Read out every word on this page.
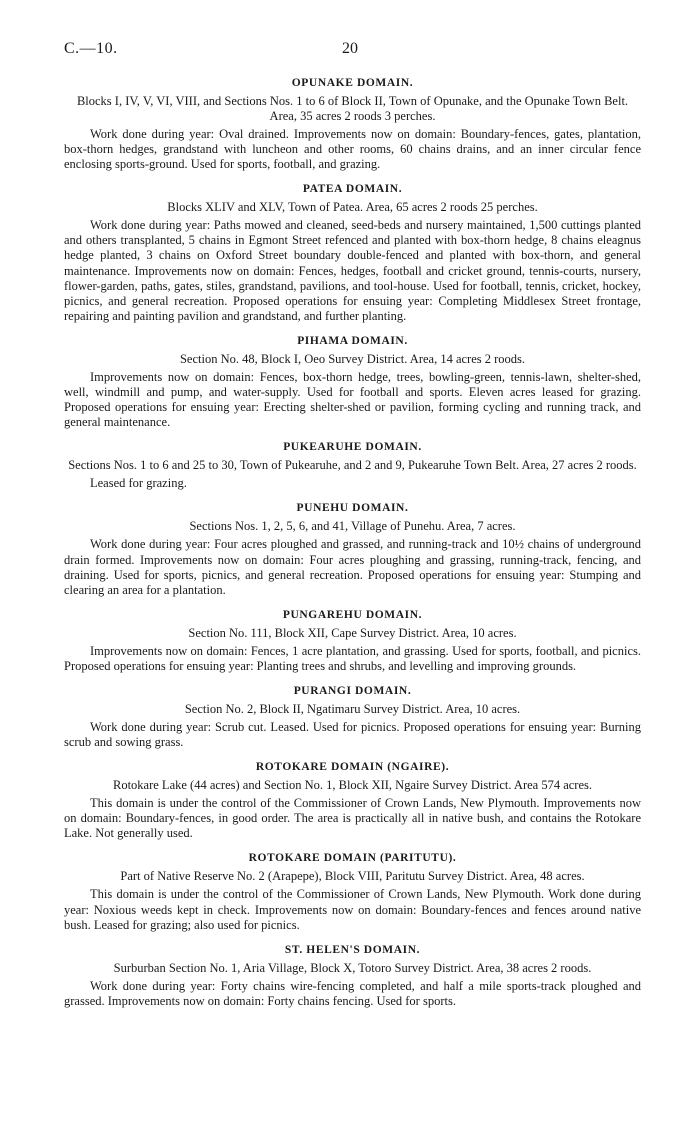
C.—10.	20
OPUNAKE DOMAIN.

Blocks I, IV, V, VI, VIII, and Sections Nos. 1 to 6 of Block II, Town of Opunake, and the Opunake Town Belt. Area, 35 acres 2 roods 3 perches.

Work done during year: Oval drained. Improvements now on domain: Boundary-fences, gates, plantation, box-thorn hedges, grandstand with luncheon and other rooms, 60 chains drains, and an inner circular fence enclosing sports-ground. Used for sports, football, and grazing.

PATEA DOMAIN.

Blocks XLIV and XLV, Town of Patea. Area, 65 acres 2 roods 25 perches.

Work done during year: Paths mowed and cleaned, seed-beds and nursery maintained, 1,500 cuttings planted and others transplanted, 5 chains in Egmont Street refenced and planted with box-thorn hedge, 8 chains eleagnus hedge planted, 3 chains on Oxford Street boundary double-fenced and planted with box-thorn, and general maintenance. Improvements now on domain: Fences, hedges, football and cricket ground, tennis-courts, nursery, flower-garden, paths, gates, stiles, grandstand, pavilions, and tool-house. Used for football, tennis, cricket, hockey, picnics, and general recreation. Proposed operations for ensuing year: Completing Middlesex Street frontage, repairing and painting pavilion and grandstand, and further planting.

PIHAMA DOMAIN.

Section No. 48, Block I, Oeo Survey District. Area, 14 acres 2 roods.

Improvements now on domain: Fences, box-thorn hedge, trees, bowling-green, tennis-lawn, shelter-shed, well, windmill and pump, and water-supply. Used for football and sports. Eleven acres leased for grazing. Proposed operations for ensuing year: Erecting shelter-shed or pavilion, forming cycling and running track, and general maintenance.

PUKEARUHE DOMAIN.

Sections Nos. 1 to 6 and 25 to 30, Town of Pukearuhe, and 2 and 9, Pukearuhe Town Belt. Area, 27 acres 2 roods.

Leased for grazing.

PUNEHU DOMAIN.

Sections Nos. 1, 2, 5, 6, and 41, Village of Punehu. Area, 7 acres.

Work done during year: Four acres ploughed and grassed, and running-track and 10½ chains of underground drain formed. Improvements now on domain: Four acres ploughing and grassing, running-track, fencing, and draining. Used for sports, picnics, and general recreation. Proposed operations for ensuing year: Stumping and clearing an area for a plantation.

PUNGAREHU DOMAIN.

Section No. 111, Block XII, Cape Survey District. Area, 10 acres.

Improvements now on domain: Fences, 1 acre plantation, and grassing. Used for sports, football, and picnics. Proposed operations for ensuing year: Planting trees and shrubs, and levelling and improving grounds.

PURANGI DOMAIN.

Section No. 2, Block II, Ngatimaru Survey District. Area, 10 acres.

Work done during year: Scrub cut. Leased. Used for picnics. Proposed operations for ensuing year: Burning scrub and sowing grass.

ROTOKARE DOMAIN (NGAIRE).

Rotokare Lake (44 acres) and Section No. 1, Block XII, Ngaire Survey District. Area 574 acres.

This domain is under the control of the Commissioner of Crown Lands, New Plymouth. Improvements now on domain: Boundary-fences, in good order. The area is practically all in native bush, and contains the Rotokare Lake. Not generally used.

ROTOKARE DOMAIN (PARITUTU).

Part of Native Reserve No. 2 (Arapepe), Block VIII, Paritutu Survey District. Area, 48 acres.

This domain is under the control of the Commissioner of Crown Lands, New Plymouth. Work done during year: Noxious weeds kept in check. Improvements now on domain: Boundary-fences and fences around native bush. Leased for grazing; also used for picnics.

ST. HELEN'S DOMAIN.

Surburban Section No. 1, Aria Village, Block X, Totoro Survey District. Area, 38 acres 2 roods.

Work done during year: Forty chains wire-fencing completed, and half a mile sports-track ploughed and grassed. Improvements now on domain: Forty chains fencing. Used for sports.
